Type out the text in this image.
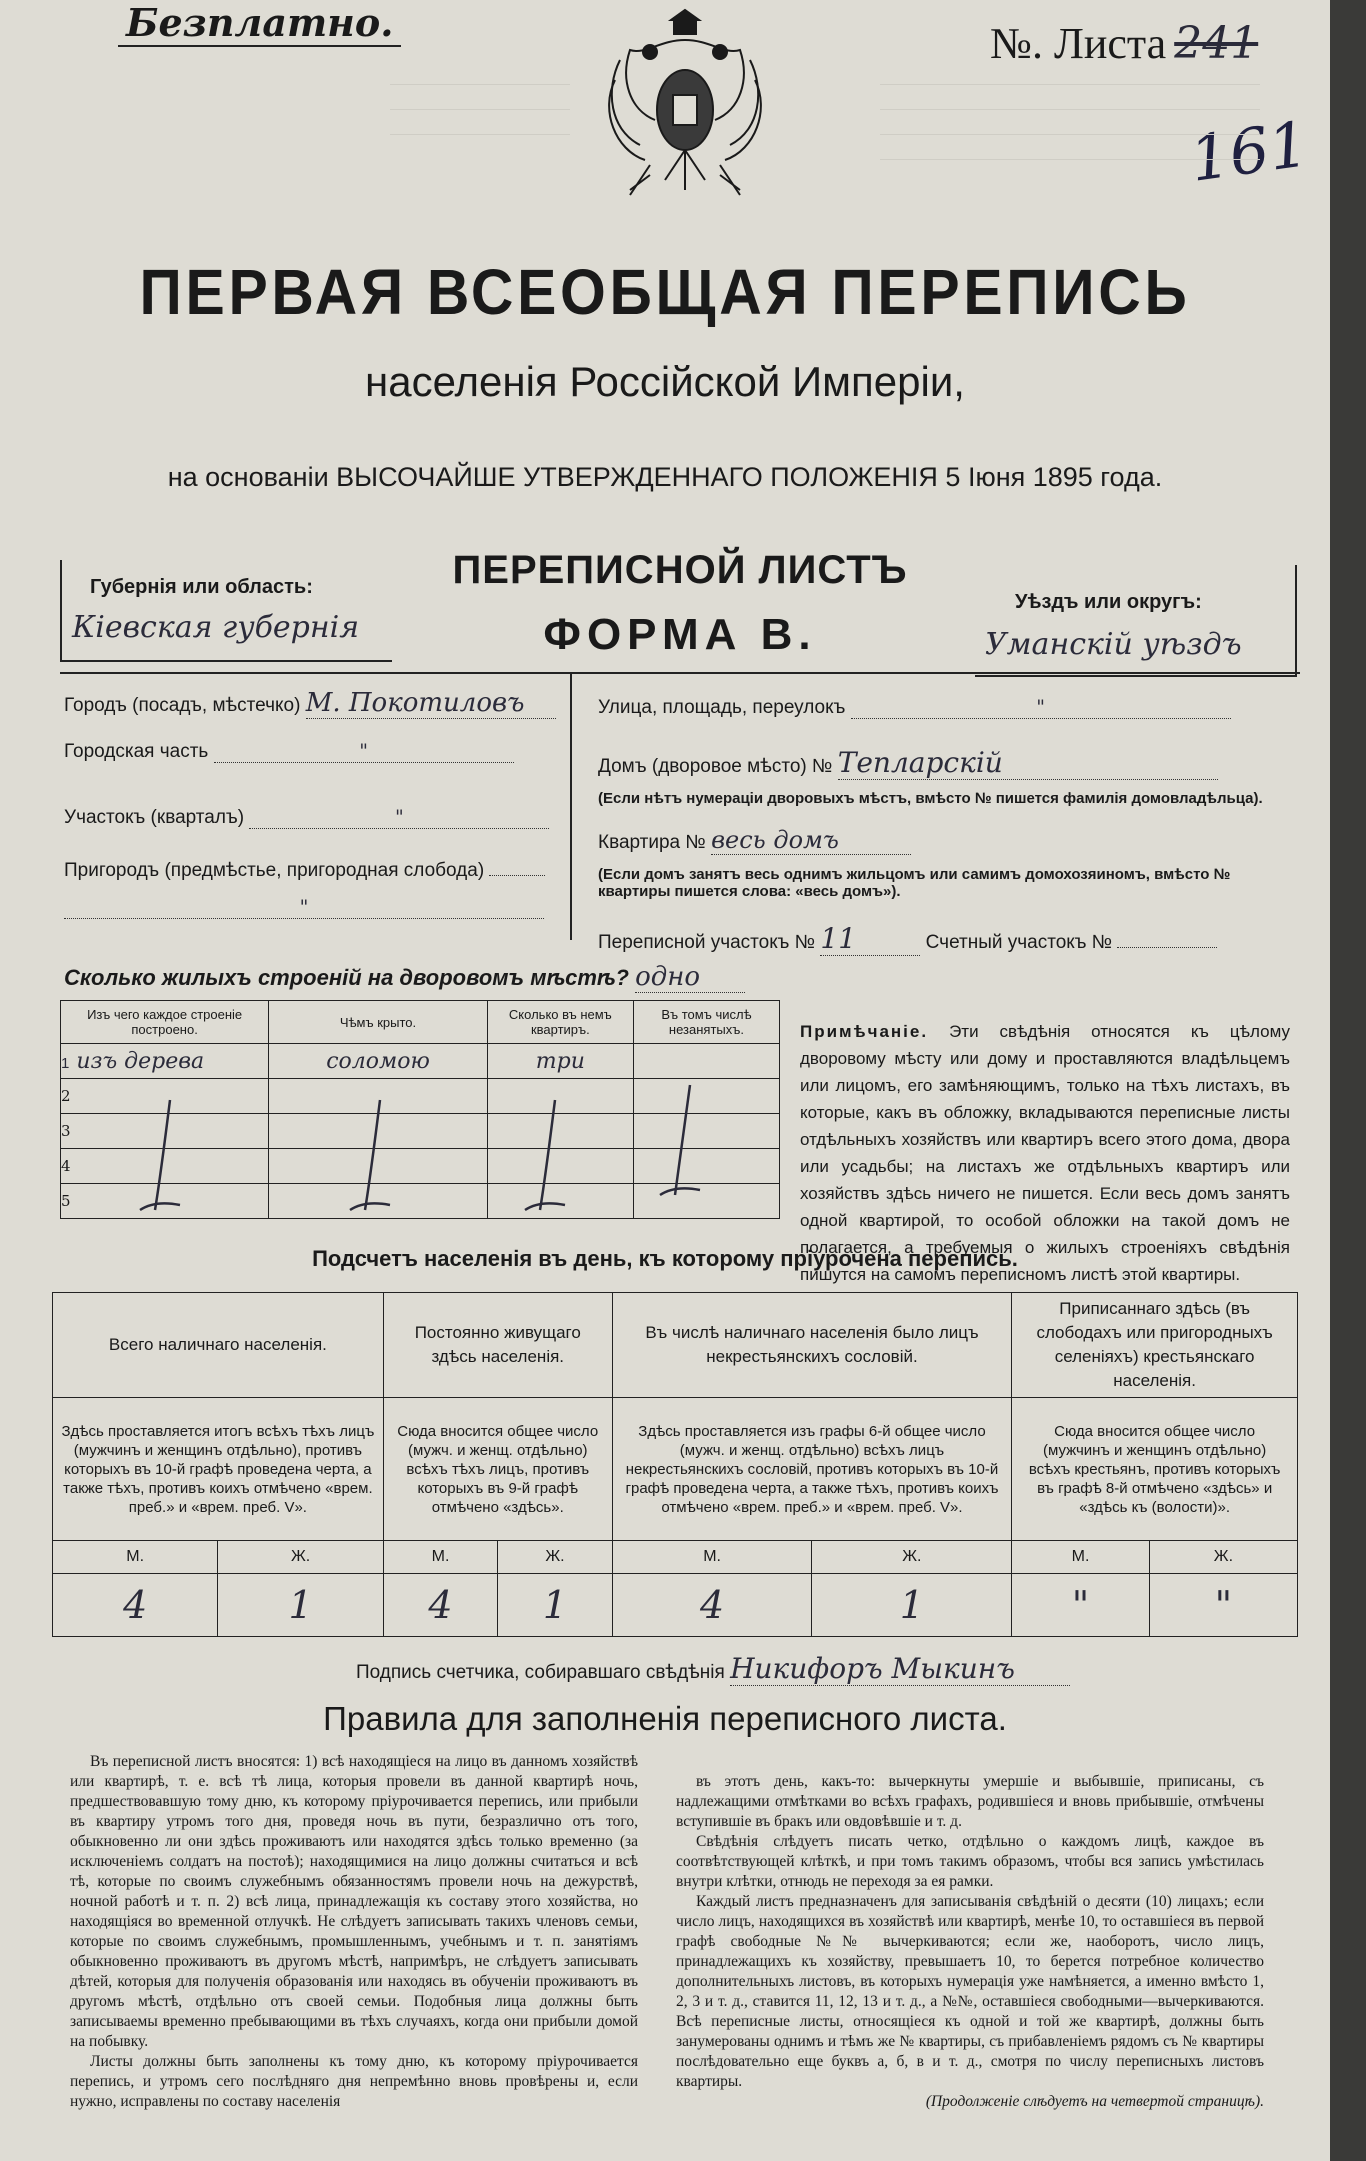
Безплатно.	№. Листа 241
161
ПЕРВАЯ ВСЕОБЩАЯ ПЕРЕПИСЬ
населенія Россійской Имперіи,
на основаніи ВЫСОЧАЙШЕ УТВЕРЖДЕННАГО ПОЛОЖЕНІЯ 5 Іюня 1895 года.
Губернія или область:
Кіевская губернія
ПЕРЕПИСНОЙ ЛИСТЪ
ФОРМА В.
Уѣздъ или округъ:
Уманскій уѣздъ
Городъ (посадъ, мѣстечко) М. Покотиловъ
Городская часть	"
Участокъ (кварталъ)	"
Пригородъ (предмѣстье, пригородная слобода)
"
Улица, площадь, переулокъ	"
Домъ (дворовое мѣсто) № Тепларскій
(Если нѣтъ нумераціи дворовыхъ мѣстъ, вмѣсто № пишется фамилія домовладѣльца).
Квартира № весь домъ
(Если домъ занятъ весь однимъ жильцомъ или самимъ домохозяиномъ, вмѣсто № квартиры пишется слова: «весь домъ»).
Переписной участокъ № 11	Счетный участокъ №
Сколько жилыхъ строеній на дворовомъ мѣстѣ? одно
Изъ чего каждое строеніе построено.	Чѣмъ крыто.	Сколько въ немъ квартиръ.	Въ томъ числѣ незанятыхъ.
1 изъ дерева	соломою	три	
2			
3			
4			
5			
Примѣчаніе. Эти свѣдѣнія относятся къ цѣлому дворовому мѣсту или дому и проставляются владѣльцемъ или лицомъ, его замѣняющимъ, только на тѣхъ листахъ, въ которые, какъ въ обложку, вкладываются переписные листы отдѣльныхъ хозяйствъ или квартиръ всего этого дома, двора или усадьбы; на листахъ же отдѣльныхъ квартиръ или хозяйствъ здѣсь ничего не пишется. Если весь домъ занятъ одной квартирой, то особой обложки на такой домъ не полагается, а требуемыя о жилыхъ строеніяхъ свѣдѣнія пишутся на самомъ переписномъ листѣ этой квартиры.
Подсчетъ населенія въ день, къ которому пріурочена перепись.
Всего наличнаго населенія.		Постоянно живущаго здѣсь населенія.		Въ числѣ наличнаго населенія было лицъ некрестьянскихъ сословій.		Приписаннаго здѣсь (въ слободахъ или пригородныхъ селеніяхъ) крестьянскаго населенія.	
Здѣсь проставляется итогъ всѣхъ тѣхъ лицъ (мужчинъ и женщинъ отдѣльно), противъ которыхъ въ 10-й графѣ проведена черта, а также тѣхъ, противъ коихъ отмѣчено «врем. преб.» и «врем. преб. V».		Сюда вносится общее число (мужч. и женщ. отдѣльно) всѣхъ тѣхъ лицъ, противъ которыхъ въ 9-й графѣ отмѣчено «здѣсь».		Здѣсь проставляется изъ графы 6-й общее число (мужч. и женщ. отдѣльно) всѣхъ лицъ некрестьянскихъ сословій, противъ которыхъ въ 10-й графѣ проведена черта, а также тѣхъ, противъ коихъ отмѣчено «врем. преб.» и «врем. преб. V».		Сюда вносится общее число (мужчинъ и женщинъ отдѣльно) всѣхъ крестьянъ, противъ которыхъ въ графѣ 8-й отмѣчено «здѣсь» и «здѣсь къ (волости)».	
М.	Ж.	М.	Ж.	М.	Ж.	М.	Ж.
4	1	4	1	4	1	"	"
Подпись счетчика, собиравшаго свѣдѣнія Никифоръ Мыкинъ
Правила для заполненія переписного листа.

Въ переписной листъ вносятся: 1) всѣ находящіеся на лицо въ данномъ хозяйствѣ или квартирѣ, т. е. всѣ тѣ лица, которыя провели въ данной квартирѣ ночь, предшествовавшую тому дню, къ которому пріурочивается перепись, или прибыли въ квартиру утромъ того дня, проведя ночь въ пути, безразлично отъ того, обыкновенно ли они здѣсь проживаютъ или находятся здѣсь только временно (за исключеніемъ солдатъ на постоѣ); находящимися на лицо должны считаться и всѣ тѣ, которые по своимъ служебнымъ обязанностямъ провели ночь на дежурствѣ, ночной работѣ и т. п. 2) всѣ лица, принадлежащія къ составу этого хозяйства, но находящіяся во временной отлучкѣ. Не слѣдуетъ записывать такихъ членовъ семьи, которые по своимъ служебнымъ, промышленнымъ, учебнымъ и т. п. занятіямъ обыкновенно проживаютъ въ другомъ мѣстѣ, напримѣръ, не слѣдуетъ записывать дѣтей, которыя для полученія образованія или находясь въ обученіи проживаютъ въ другомъ мѣстѣ, отдѣльно отъ своей семьи. Подобныя лица должны быть записываемы временно пребывающими въ тѣхъ случаяхъ, когда они прибыли домой на побывку.

Листы должны быть заполнены къ тому дню, къ которому пріурочивается перепись, и утромъ сего послѣдняго дня непремѣнно вновь провѣрены и, если нужно, исправлены по составу населенія

въ этотъ день, какъ-то: вычеркнуты умершіе и выбывшіе, приписаны, съ надлежащими отмѣтками во всѣхъ графахъ, родившіеся и вновь прибывшіе, отмѣчены вступившіе въ бракъ или овдовѣвшіе и т. д.

Свѣдѣнія слѣдуетъ писать четко, отдѣльно о каждомъ лицѣ, каждое въ соотвѣтствующей клѣткѣ, и при томъ такимъ образомъ, чтобы вся запись умѣстилась внутри клѣтки, отнюдь не переходя за ея рамки.

Каждый листъ предназначенъ для записыванія свѣдѣній о десяти (10) лицахъ; если число лицъ, находящихся въ хозяйствѣ или квартирѣ, менѣе 10, то оставшіеся въ первой графѣ свободные №№ вычеркиваются; если же, наоборотъ, число лицъ, принадлежащихъ къ хозяйству, превышаетъ 10, то берется потребное количество дополнительныхъ листовъ, въ которыхъ нумерація уже намѣняется, а именно вмѣсто 1, 2, 3 и т. д., ставится 11, 12, 13 и т. д., а №№, оставшіеся свободными—вычеркиваются. Всѣ переписные листы, относящіеся къ одной и той же квартирѣ, должны быть занумерованы однимъ и тѣмъ же № квартиры, съ прибавленіемъ рядомъ съ № квартиры послѣдовательно еще буквъ а, б, в и т. д., смотря по числу переписныхъ листовъ квартиры.

(Продолженіе слѣдуетъ на четвертой страницѣ).
